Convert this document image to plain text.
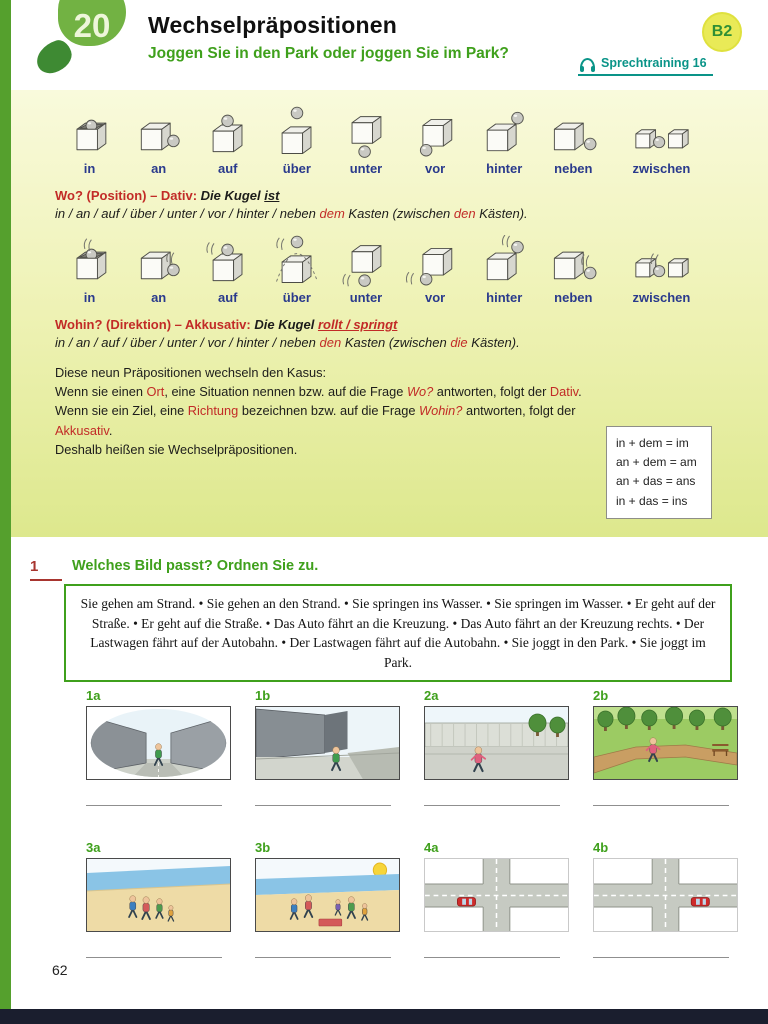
20 Wechselpräpositionen
Joggen Sie in den Park oder joggen Sie im Park?
B2
Sprechtraining 16
in	an	auf	über	unter	vor	hinter neben	zwischen

Wo? (Position) – Dativ: Die Kugel ist

in / an / auf / über / unter / vor / hinter / neben dem Kasten (zwischen den Kästen).

in	an	auf	über	unter	vor	hinter neben	zwischen

Wohin? (Direktion) – Akkusativ: Die Kugel rollt / springt

in / an / auf / über / unter / vor / hinter / neben den Kasten (zwischen die Kästen).

Diese neun Präpositionen wechseln den Kasus:

Wenn sie einen Ort, eine Situation nennen bzw. auf die Frage Wo? antworten, folgt der Dativ.

Wenn sie ein Ziel, eine Richtung bezeichnen bzw. auf die Frage Wohin? antworten, folgt der Akkusativ.

Deshalb heißen sie Wechselpräpositionen.	in + dem = im
an + dem = am
an + das = ans
in + das = ins
1	Welches Bild passt? Ordnen Sie zu.
Sie gehen am Strand. • Sie gehen an den Strand. • Sie springen ins Wasser. • Sie springen im Wasser. • Er geht auf der Straße. • Er geht auf die Straße. • Das Auto fährt an die Kreuzung. • Das Auto fährt an der Kreuzung rechts. • Der Lastwagen fährt auf der Autobahn. • Der Lastwagen fährt auf die Autobahn. • Sie joggt in den Park. • Sie joggt im Park.
1a	1b	2a	2b
3a	3b	4a	4b
62
